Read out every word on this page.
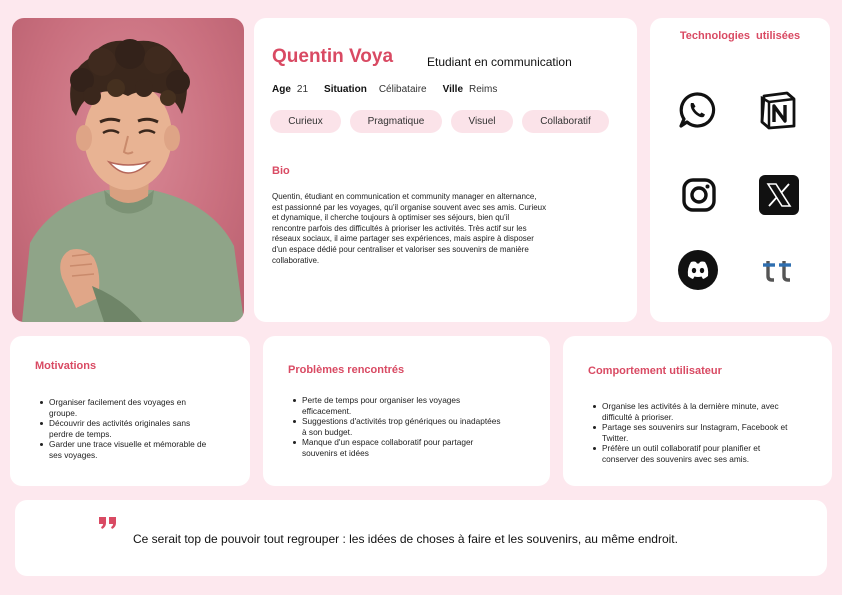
Quentin Voya	Etudiant en communication
Age 21 Situation Célibataire Ville Reims
Curieux	Pragmatique	Visuel	Collaboratif
Bio
Quentin, étudiant en communication et community manager en alternance,
est passionné par les voyages, qu'il organise souvent avec ses amis. Curieux
et dynamique, il cherche toujours à optimiser ses séjours, bien qu'il
rencontre parfois des difficultés à prioriser les activités. Très actif sur les
réseaux sociaux, il aime partager ses expériences, mais aspire à disposer
d'un espace dédié pour centraliser et valoriser ses souvenirs de manière
collaborative.
Technologies utilisées
Motivations
Organiser facilement des voyages en
groupe.
Découvrir des activités originales sans
perdre de temps.
Garder une trace visuelle et mémorable de
ses voyages.
Problèmes rencontrés
Perte de temps pour organiser les voyages
efficacement.
Suggestions d'activités trop génériques ou inadaptées
à son budget.
Manque d'un espace collaboratif pour partager
souvenirs et idées
Comportement utilisateur
Organise les activités à la dernière minute, avec
difficulté à prioriser.
Partage ses souvenirs sur Instagram, Facebook et
Twitter.
Préfère un outil collaboratif pour planifier et
conserver des souvenirs avec ses amis.
Ce serait top de pouvoir tout regrouper : les idées de choses à faire et les souvenirs, au même endroit.
